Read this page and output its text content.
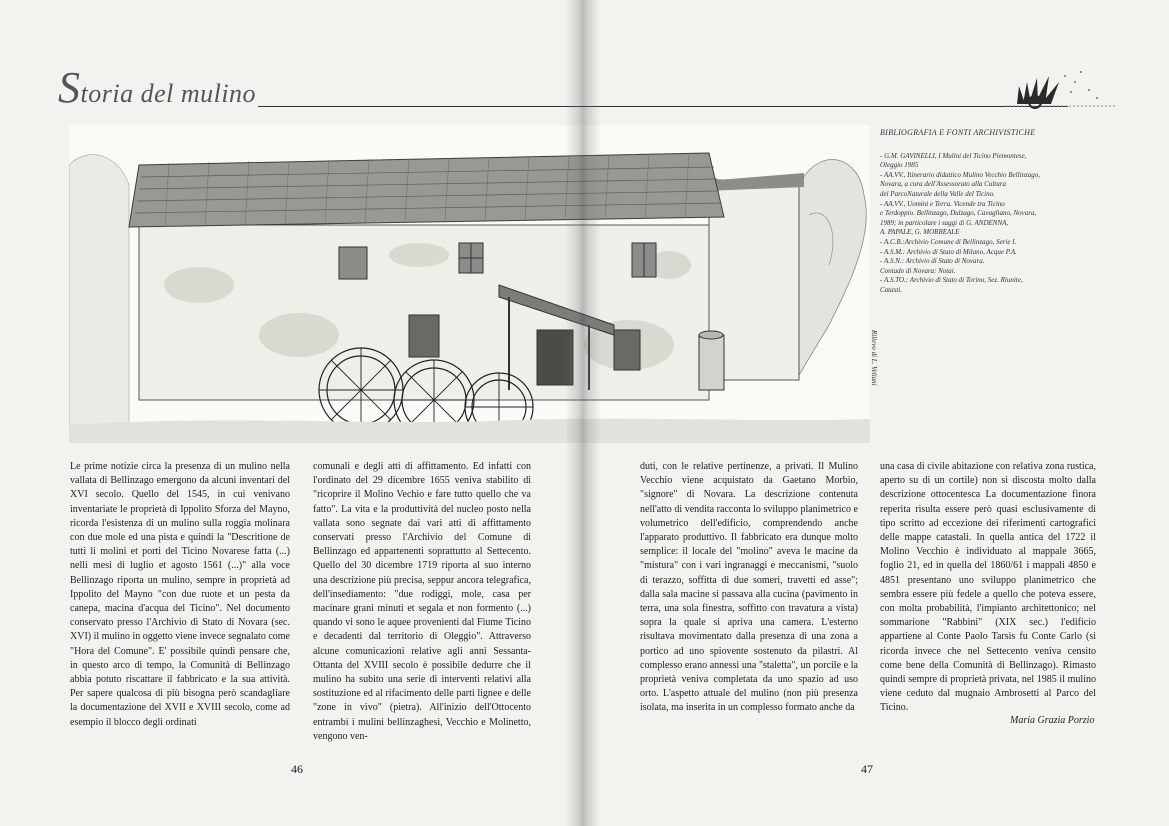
Storia del mulino
Rilievo di L. Veliani
BIBLIOGRAFIA E FONTI ARCHIVISTICHE

- G.M. GAVINELLI, I Mulini del Ticino Piemontese,

Oleggio 1985

- AA.VV., Itinerario didattico Mulino Vecchio Bellinzago,

Novara, a cura dell'Assessorato alla Cultura

del ParcoNaturale della Valle del Ticino.

- AA.VV., Uomini e Terra. Vicende tra Ticino

e Terdoppio. Bellinzago, Dulzago, Cavagliano, Novara,

1989; in particolare i saggi di G. ANDENNA,

A. PAPALE, G. MORREALE

- A.C.B.:Archivio Comune di Bellinzago, Serie I.

- A.S.M.: Archivio di Stato di Milano, Acque P.A.

- A.S.N.: Archivio di Stato di Novara.

Contado di Novara: Notai.

- A.S.TO.: Archivio di Stato di Torino, Sez. Riunite,

Catasti.

Le prime notizie circa la presenza di un mulino nella vallata di Bellinzago emergono da alcuni inventari del XVI secolo. Quello del 1545, in cui venivano inventariate le proprietà di Ippolito Sforza del Mayno, ricorda l'esistenza di un mulino sulla roggia molinara con due mole ed una pista e quindi la "Descritione de tutti li molini et porti del Ticino Novarese fatta (...) nelli mesi di luglio et agosto 1561 (...)" alla voce Bellinzago riporta un mulino, sempre in proprietà ad Ippolito del Mayno "con due ruote et un pesta da canepa, macina d'acqua del Ticino". Nel documento conservato presso l'Archivio di Stato di Novara (sec. XVI) il mulino in oggetto viene invece segnalato come "Hora del Comune". E' possibile quindi pensare che, in questo arco di tempo, la Comunità di Bellinzago abbia potuto riscattare il fabbricato e la sua attività. Per sapere qualcosa di più bisogna però scandagliare la documentazione del XVII e XVIII secolo, come ad esempio il blocco degli ordinati

comunali e degli atti di affittamento. Ed infatti con l'ordinato del 29 dicembre 1655 veniva stabilito di "ricoprire il Molino Vechio e fare tutto quello che va fatto". La vita e la produttività del nucleo posto nella vallata sono segnate dai vari atti di affittamento conservati presso l'Archivio del Comune di Bellinzago ed appartenenti soprattutto al Settecento. Quello del 30 dicembre 1719 riporta al suo interno una descrizione più precisa, seppur ancora telegrafica, dell'insediamento: "due rodiggi, mole, casa per macinare grani minuti et segala et non formento (...) quando vi sono le aquee provenienti dal Fiume Ticino e decadenti dal territorio di Oleggio". Attraverso alcune comunicazioni relative agli anni Sessanta-Ottanta del XVIII secolo è possibile dedurre che il mulino ha subito una serie di interventi relativi alla sostituzione ed al rifacimento delle parti lignee e delle "zone in vivo" (pietra). All'inizio dell'Ottocento entrambi i mulini bellinzaghesi, Vecchio e Molinetto, vengono ven-

duti, con le relative pertinenze, a privati. Il Mulino Vecchio viene acquistato da Gaetano Morbio, "signore" di Novara. La descrizione contenuta nell'atto di vendita racconta lo sviluppo planimetrico e volumetrico dell'edificio, comprendendo anche l'apparato produttivo. Il fabbricato era dunque molto semplice: il locale del "molino" aveva le macine da "mistura" con i vari ingranaggi e meccanismi, "suolo di terazzo, soffitta di due someri, travetti ed asse"; dalla sala macine si passava alla cucina (pavimento in terra, una sola finestra, soffitto con travatura a vista) sopra la quale si apriva una camera. L'esterno risultava movimentato dalla presenza di una zona a portico ad uno spiovente sostenuto da pilastri. Al complesso erano annessi una "staletta", un porcile e la proprietà veniva completata da uno spazio ad uso orto. L'aspetto attuale del mulino (non più presenza isolata, ma inserita in un complesso formato anche da

una casa di civile abitazione con relativa zona rustica, aperto su di un cortile) non si discosta molto dalla descrizione ottocentesca La documentazione finora reperita risulta essere però quasi esclusivamente di tipo scritto ad eccezione dei riferimenti cartografici delle mappe catastali. In quella antica del 1722 il Molino Vecchio è individuato al mappale 3665, foglio 21, ed in quella del 1860/61 i mappali 4850 e 4851 presentano uno sviluppo planimetrico che sembra essere più fedele a quello che poteva essere, con molta probabilità, l'impianto architettonico; nel sommarione "Rabbini" (XIX sec.) l'edificio appartiene al Conte Paolo Tarsis fu Conte Carlo (si ricorda invece che nel Settecento veniva censito come bene della Comunità di Bellinzago). Rimasto quindi sempre di proprietà privata, nel 1985 il mulino viene ceduto dal mugnaio Ambrosetti al Parco del Ticino.

Maria Grazia Porzio
46	47
